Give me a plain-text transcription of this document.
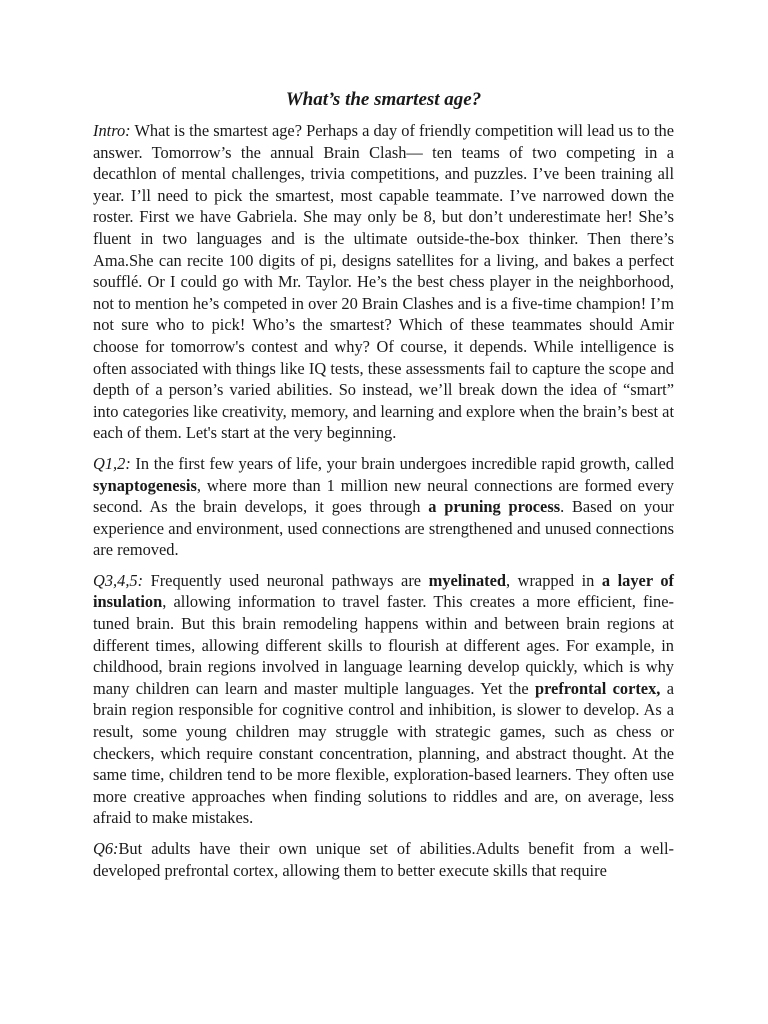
What’s the smartest age?

Intro: What is the smartest age? Perhaps a day of friendly competition will lead us to the answer. Tomorrow’s the annual Brain Clash— ten teams of two competing in a decathlon of mental challenges, trivia competitions, and puzzles. I’ve been training all year. I’ll need to pick the smartest, most capable teammate. I’ve narrowed down the roster. First we have Gabriela. She may only be 8, but don’t underestimate her! She’s fluent in two languages and is the ultimate outside-the-box thinker. Then there’s Ama.She can recite 100 digits of pi, designs satellites for a living, and bakes a perfect soufflé. Or I could go with Mr. Taylor. He’s the best chess player in the neighborhood, not to mention he’s competed in over 20 Brain Clashes and is a five-time champion! I’m not sure who to pick! Who’s the smartest? Which of these teammates should Amir choose for tomorrow's contest and why? Of course, it depends. While intelligence is often associated with things like IQ tests, these assessments fail to capture the scope and depth of a person’s varied abilities. So instead, we’ll break down the idea of “smart” into categories like creativity, memory, and learning and explore when the brain’s best at each of them. Let's start at the very beginning.

Q1,2: In the first few years of life, your brain undergoes incredible rapid growth, called synaptogenesis, where more than 1 million new neural connections are formed every second. As the brain develops, it goes through a pruning process. Based on your experience and environment, used connections are strengthened and unused connections are removed.

Q3,4,5: Frequently used neuronal pathways are myelinated, wrapped in a layer of insulation, allowing information to travel faster. This creates a more efficient, fine-tuned brain. But this brain remodeling happens within and between brain regions at different times, allowing different skills to flourish at different ages. For example, in childhood, brain regions involved in language learning develop quickly, which is why many children can learn and master multiple languages. Yet the prefrontal cortex, a brain region responsible for cognitive control and inhibition, is slower to develop. As a result, some young children may struggle with strategic games, such as chess or checkers, which require constant concentration, planning, and abstract thought. At the same time, children tend to be more flexible, exploration-based learners. They often use more creative approaches when finding solutions to riddles and are, on average, less afraid to make mistakes.

Q6:But adults have their own unique set of abilities.Adults benefit from a well-developed prefrontal cortex, allowing them to better execute skills that require
